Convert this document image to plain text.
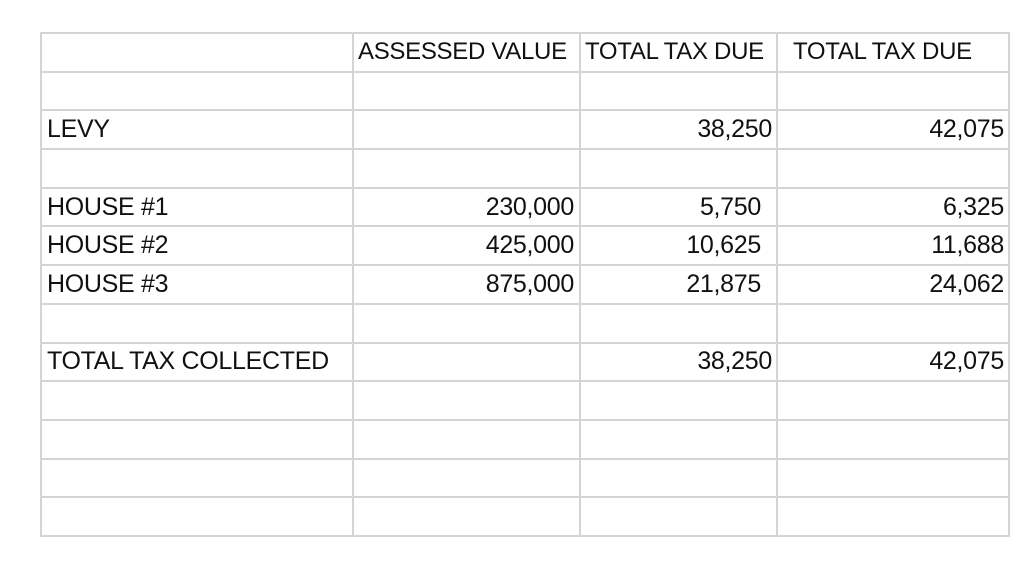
	ASSESSED VALUE	TOTAL TAX DUE	TOTAL TAX DUE

LEVY		38,250	42,075

HOUSE #1	230,000	5,750	6,325
HOUSE #2	425,000	10,625	11,688
HOUSE #3	875,000	21,875	24,062

TOTAL TAX COLLECTED		38,250	42,075
